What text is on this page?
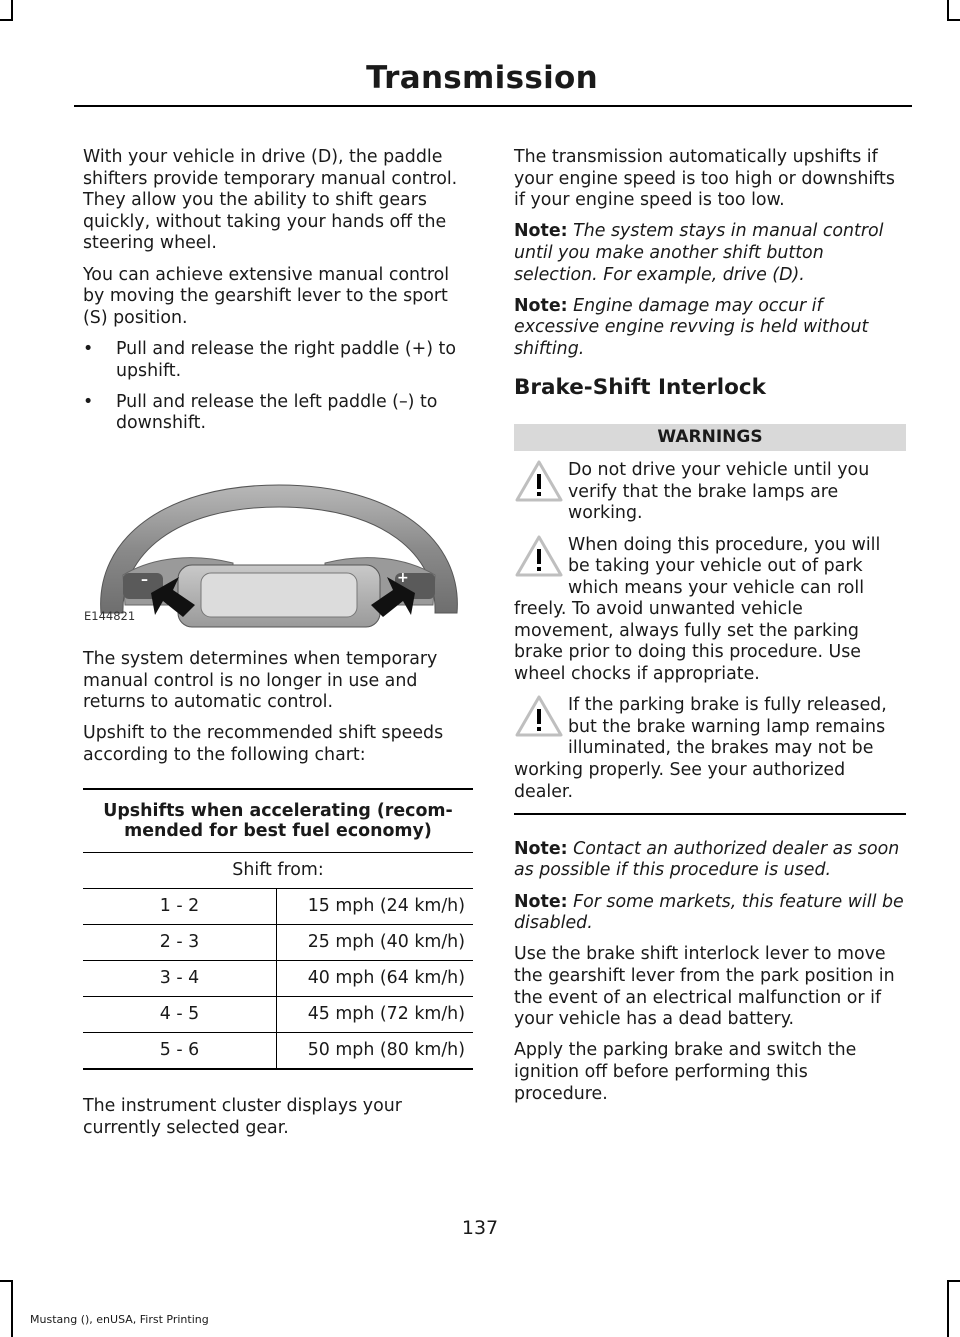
Transmission

With your vehicle in drive (D), the paddle shifters provide temporary manual control. They allow you the ability to shift gears quickly, without taking your hands off the steering wheel.

You can achieve extensive manual control by moving the gearshift lever to the sport (S) position.

• Pull and release the right paddle (+) to upshift.
• Pull and release the left paddle (–) to downshift.
–	+
E144821

The system determines when temporary manual control is no longer in use and returns to automatic control.

Upshift to the recommended shift speeds according to the following chart:

Upshifts when accelerating (recom-mended for best fuel economy)	
Shift from:	
1 - 2	15 mph (24 km/h)
2 - 3	25 mph (40 km/h)
3 - 4	40 mph (64 km/h)
4 - 5	45 mph (72 km/h)
5 - 6	50 mph (80 km/h)

The instrument cluster displays your currently selected gear.

The transmission automatically upshifts if your engine speed is too high or downshifts if your engine speed is too low.

Note: The system stays in manual control until you make another shift button selection. For example, drive (D).

Note: Engine damage may occur if excessive engine revving is held without shifting.

Brake-Shift Interlock
WARNINGS
Do not drive your vehicle until you verify that the brake lamps are working.
When doing this procedure, you will be taking your vehicle out of park which means your vehicle can roll freely. To avoid unwanted vehicle movement, always fully set the parking brake prior to doing this procedure. Use wheel chocks if appropriate.
If the parking brake is fully released, but the brake warning lamp remains illuminated, the brakes may not be working properly. See your authorized dealer.

Note: Contact an authorized dealer as soon as possible if this procedure is used.

Note: For some markets, this feature will be disabled.

Use the brake shift interlock lever to move the gearshift lever from the park position in the event of an electrical malfunction or if your vehicle has a dead battery.

Apply the parking brake and switch the ignition off before performing this procedure.

137
Mustang (), enUSA, First Printing
